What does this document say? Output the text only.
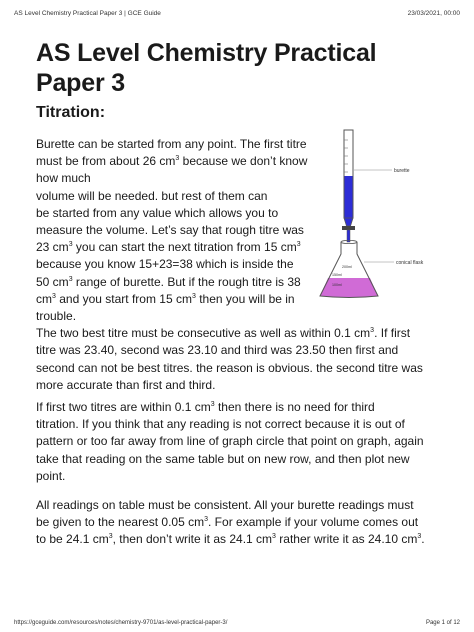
AS Level Chemistry Practical Paper 3 | GCE Guide	23/03/2021, 00:00
AS Level Chemistry Practical Paper 3
Titration:
Burette can be started from any point. The first titre
must be from about 26 $cm^3$ because we don’t know
how much
volume will be needed. but rest of them can
be started from any value which allows you to
measure the volume. Let’s say that rough titre was
23 $cm^3$ you can start the next titration from 15 $cm^3$
because you know 15+23=38 which is inside the
50 $cm^3$ range of burette. But if the rough titre is 38
$cm^3$ and you start from 15 $cm^3$ then you will be in
trouble.
The two best titre must be consecutive as well as within 0.1 $cm^3$. If first
titre was 23.40, second was 23.10 and third was 23.50 then first and
second can not be best titres. the reason is obvious. the second titre was
more accurate than first and third.
If first two titres are within 0.1 $cm^3$ then there is no need for third
titration. If you think that any reading is not correct because it is out of
pattern or too far away from line of graph circle that point on graph, again
take that reading on the same table but on new row, and then plot new
point.
All readings on table must be consistent. All your burette readings must
be given to the nearest 0.05 $cm^3$. For example if your volume comes out
to be 24.1 $cm^3$, then don’t write it as 24.1 $cm^3$ rather write it as 24.10 $cm^3$.
burette
200ml
150ml
100ml
conical flask
https://gceguide.com/resources/notes/chemistry-9701/as-level-practical-paper-3/	Page 1 of 12
